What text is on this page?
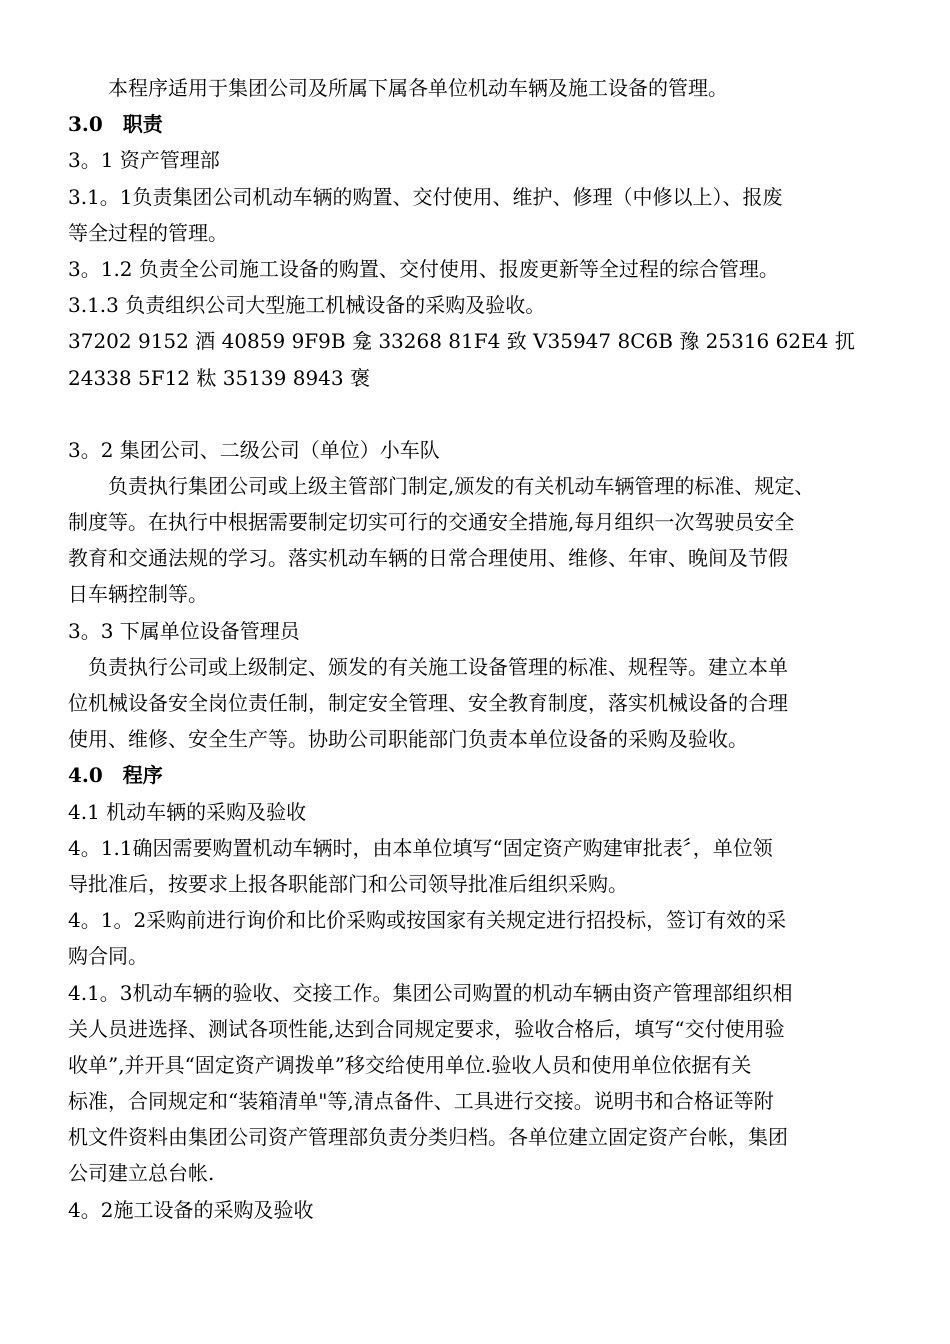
　　本程序适用于集团公司及所属下属各单位机动车辆及施工设备的管理。
3.0　职责
3。1 资产管理部
3.1。1负责集团公司机动车辆的购置、交付使用、维护、修理（中修以上）、报废
等全过程的管理。
3。1.2 负责全公司施工设备的购置、交付使用、报废更新等全过程的综合管理。
3.1.3 负责组织公司大型施工机械设备的采购及验收。
37202 9152 酒 40859 9F9B 龛 33268 81F4 致 V35947 8C6B 豫 25316 62E4 扤
24338 5F12 粏 35139 8943 褒
3。2 集团公司、二级公司（单位）小车队
　　负责执行集团公司或上级主管部门制定,颁发的有关机动车辆管理的标准、规定、
制度等。在执行中根据需要制定切实可行的交通安全措施,每月组织一次驾驶员安全
教育和交通法规的学习。落实机动车辆的日常合理使用、维修、年审、晚间及节假
日车辆控制等。
3。3 下属单位设备管理员
　负责执行公司或上级制定、颁发的有关施工设备管理的标准、规程等。建立本单
位机械设备安全岗位责任制，制定安全管理、安全教育制度，落实机械设备的合理
使用、维修、安全生产等。协助公司职能部门负责本单位设备的采购及验收。
4.0　程序
4.1 机动车辆的采购及验收
4。1.1确因需要购置机动车辆时，由本单位填写“固定资产购建审批表〞，单位领
导批准后，按要求上报各职能部门和公司领导批准后组织采购。
4。1。2采购前进行询价和比价采购或按国家有关规定进行招投标，签订有效的采
购合同。
4.1。3机动车辆的验收、交接工作。集团公司购置的机动车辆由资产管理部组织相
关人员进选择、测试各项性能,达到合同规定要求，验收合格后，填写“交付使用验
收单”,并开具“固定资产调拨单”移交给使用单位.验收人员和使用单位依据有关
标准，合同规定和“装箱清单"等,清点备件、工具进行交接。说明书和合格证等附
机文件资料由集团公司资产管理部负责分类归档。各单位建立固定资产台帐，集团
公司建立总台帐.
4。2施工设备的采购及验收
